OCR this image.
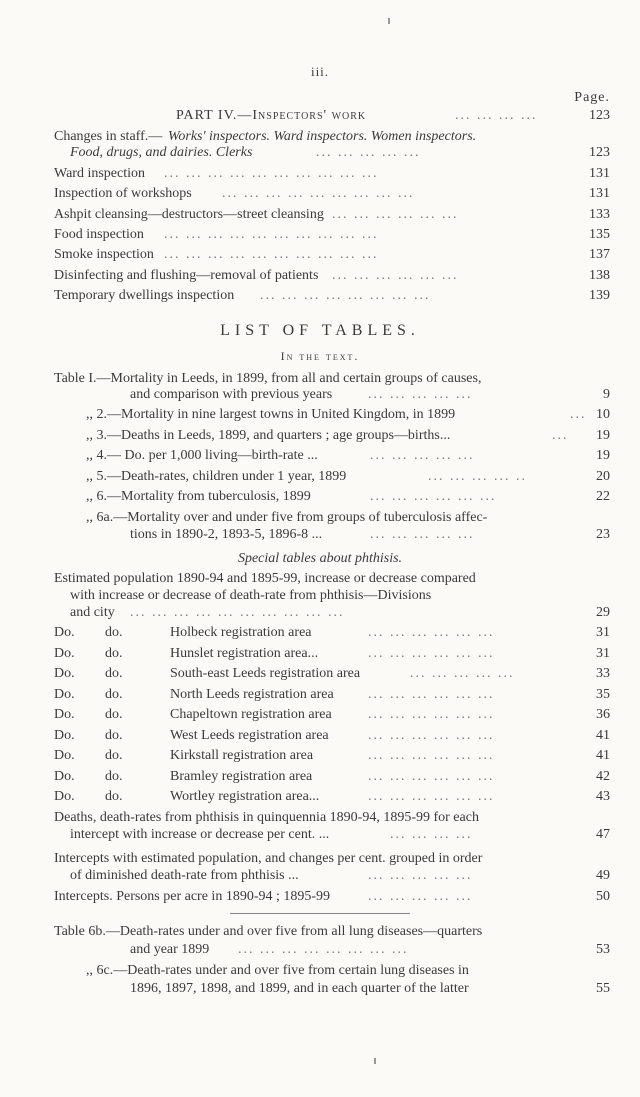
iii.
Page.
PART IV.—Inspectors' work	... ... ... ...	123
Changes in staff.— Works' inspectors. Ward inspectors. Women inspectors.
Food, drugs, and dairies. Clerks	... ... ... ... ...	123
Ward inspection ... ... ... ... ... ... ... ... ... ...	131
Inspection of workshops ... ... ... ... ... ... ... ... ...	131
Ashpit cleansing—destructors—street cleansing ... ... ... ... ... ...	133
Food inspection ... ... ... ... ... ... ... ... ... ...	135
Smoke inspection ... ... ... ... ... ... ... ... ... ...	137
Disinfecting and flushing—removal of patients ... ... ... ... ... ...	138
Temporary dwellings inspection ... ... ... ... ... ... ... ...	139
LIST OF TABLES.
In the text.
Table I.—Mortality in Leeds, in 1899, from all and certain groups of causes,
and comparison with previous years	... ... ... ... ...	9
,, 2.—Mortality in nine largest towns in United Kingdom, in 1899	... 10
,, 3.—Deaths in Leeds, 1899, and quarters ; age groups—births...	... 19
,, 4.— Do. per 1,000 living—birth-rate ...	... ... ... ... ...	19
,, 5.—Death-rates, children under 1 year, 1899	... ... ... ... ..	20
,, 6.—Mortality from tuberculosis, 1899	... ... ... ... ... ...	22
,, 6a.—Mortality over and under five from groups of tuberculosis affec-
tions in 1890-2, 1893-5, 1896-8 ...	... ... ... ... ...	23
Special tables about phthisis.
Estimated population 1890-94 and 1895-99, increase or decrease compared
with increase or decrease of death-rate from phthisis—Divisions
and city ... ... ... ... ... ... ... ... ... ...	29
Do. do.	Holbeck registration area	... ... ... ... ... ...	31
Do. do.	Hunslet registration area...	... ... ... ... ... ...	31
Do. do.	South-east Leeds registration area	... ... ... ... ...	33
Do. do.	North Leeds registration area ... ... ... ... ... ...	35
Do. do.	Chapeltown registration area	... ... ... ... ... ...	36
Do. do.	West Leeds registration area	... ... ... ... ... ...	41
Do. do.	Kirkstall registration area	... ... ... ... ... ...	41
Do. do.	Bramley registration area	... ... ... ... ... ...	42
Do. do.	Wortley registration area...	... ... ... ... ... ...	43
Deaths, death-rates from phthisis in quinquennia 1890-94, 1895-99 for each
intercept with increase or decrease per cent. ...	... ... ... ...	47
Intercepts with estimated population, and changes per cent. grouped in order
of diminished death-rate from phthisis ...	... ... ... ... ...	49
Intercepts. Persons per acre in 1890-94 ; 1895-99	... ... ... ... ...	50
Table 6b.—Death-rates under and over five from all lung diseases—quarters
and year 1899 ... ... ... ... ... ... ... ...	53
,, 6c.—Death-rates under and over five from certain lung diseases in
1896, 1897, 1898, and 1899, and in each quarter of the latter	55
